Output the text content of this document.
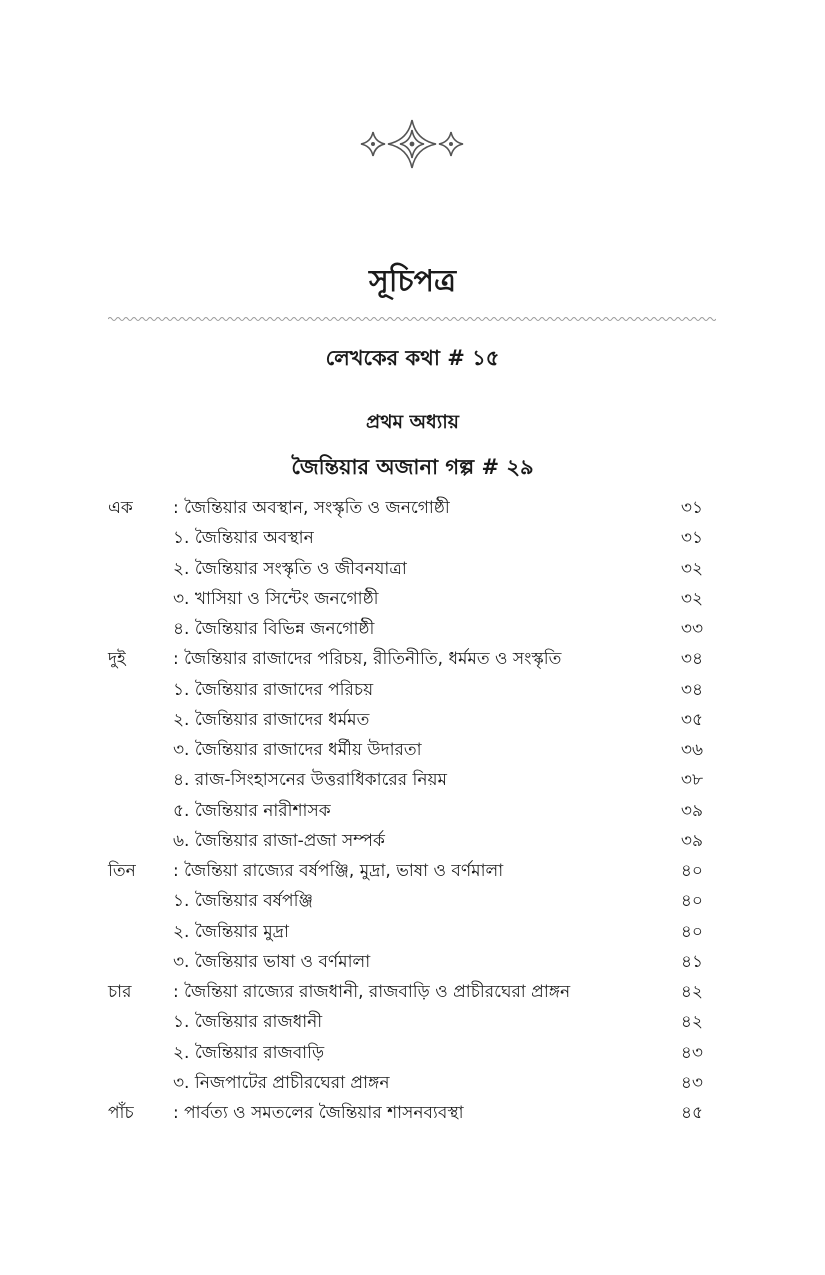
সূচিপত্র
লেখকের কথা # ১৫
প্রথম অধ্যায়
জৈন্তিয়ার অজানা গল্প # ২৯
এক : জৈন্তিয়ার অবস্থান, সংস্কৃতি ও জনগোষ্ঠী	৩১
১. জৈন্তিয়ার অবস্থান	৩১
২. জৈন্তিয়ার সংস্কৃতি ও জীবনযাত্রা	৩২
৩. খাসিয়া ও সিন্টেং জনগোষ্ঠী	৩২
৪. জৈন্তিয়ার বিভিন্ন জনগোষ্ঠী	৩৩
দুই	: জৈন্তিয়ার রাজাদের পরিচয়, রীতিনীতি, ধর্মমত ও সংস্কৃতি	৩৪
১. জৈন্তিয়ার রাজাদের পরিচয়	৩৪
২. জৈন্তিয়ার রাজাদের ধর্মমত	৩৫
৩. জৈন্তিয়ার রাজাদের ধর্মীয় উদারতা	৩৬
৪. রাজ-সিংহাসনের উত্তরাধিকারের নিয়ম	৩৮
৫. জৈন্তিয়ার নারীশাসক	৩৯
৬. জৈন্তিয়ার রাজা-প্রজা সম্পর্ক	৩৯
তিন : জৈন্তিয়া রাজ্যের বর্ষপঞ্জি, মুদ্রা, ভাষা ও বর্ণমালা	৪০
১. জৈন্তিয়ার বর্ষপঞ্জি	৪০
২. জৈন্তিয়ার মুদ্রা	৪০
৩. জৈন্তিয়ার ভাষা ও বর্ণমালা	৪১
চার : জৈন্তিয়া রাজ্যের রাজধানী, রাজবাড়ি ও প্রাচীরঘেরা প্রাঙ্গন	৪২
১. জৈন্তিয়ার রাজধানী	৪২
২. জৈন্তিয়ার রাজবাড়ি	৪৩
৩. নিজপাটের প্রাচীরঘেরা প্রাঙ্গন	৪৩
পাঁচ : পার্বত্য ও সমতলের জৈন্তিয়ার শাসনব্যবস্থা	৪৫
